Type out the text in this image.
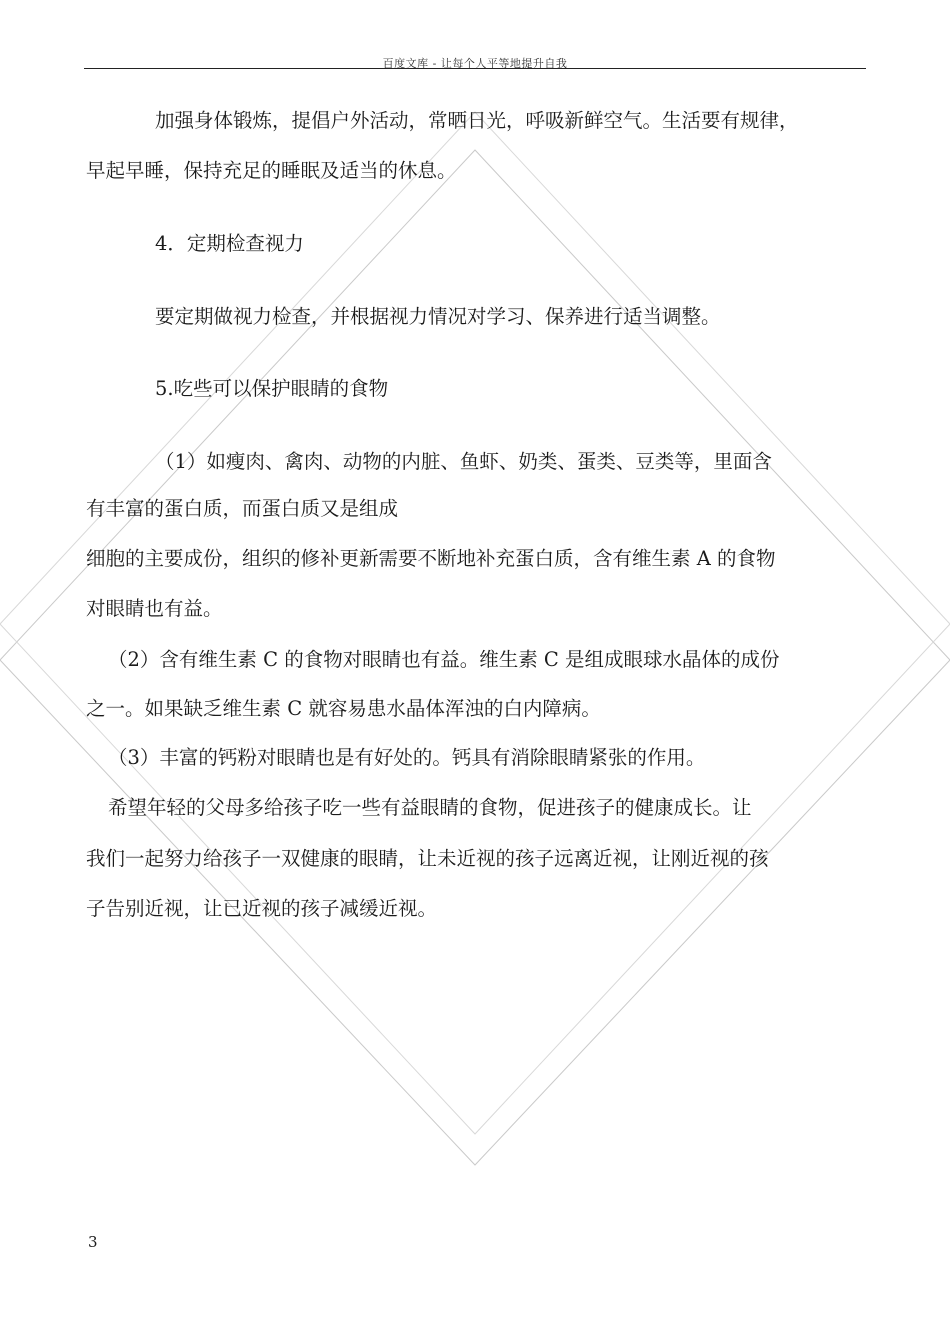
百度文库 - 让每个人平等地提升自我
加强身体锻炼，提倡户外活动，常晒日光，呼吸新鲜空气。生活要有规律，
早起早睡，保持充足的睡眠及适当的休息。
4．定期检查视力
要定期做视力检查，并根据视力情况对学习、保养进行适当调整。
5.吃些可以保护眼睛的食物
（1）如瘦肉、禽肉、动物的内脏、鱼虾、奶类、蛋类、豆类等，里面含
有丰富的蛋白质，而蛋白质又是组成
细胞的主要成份，组织的修补更新需要不断地补充蛋白质，含有维生素 A 的食物
对眼睛也有益。
（2）含有维生素 C 的食物对眼睛也有益。维生素 C 是组成眼球水晶体的成份
之一。如果缺乏维生素 C 就容易患水晶体浑浊的白内障病。
（3）丰富的钙粉对眼睛也是有好处的。钙具有消除眼睛紧张的作用。
希望年轻的父母多给孩子吃一些有益眼睛的食物，促进孩子的健康成长。让
我们一起努力给孩子一双健康的眼睛，让未近视的孩子远离近视，让刚近视的孩
子告别近视，让已近视的孩子减缓近视。
3
